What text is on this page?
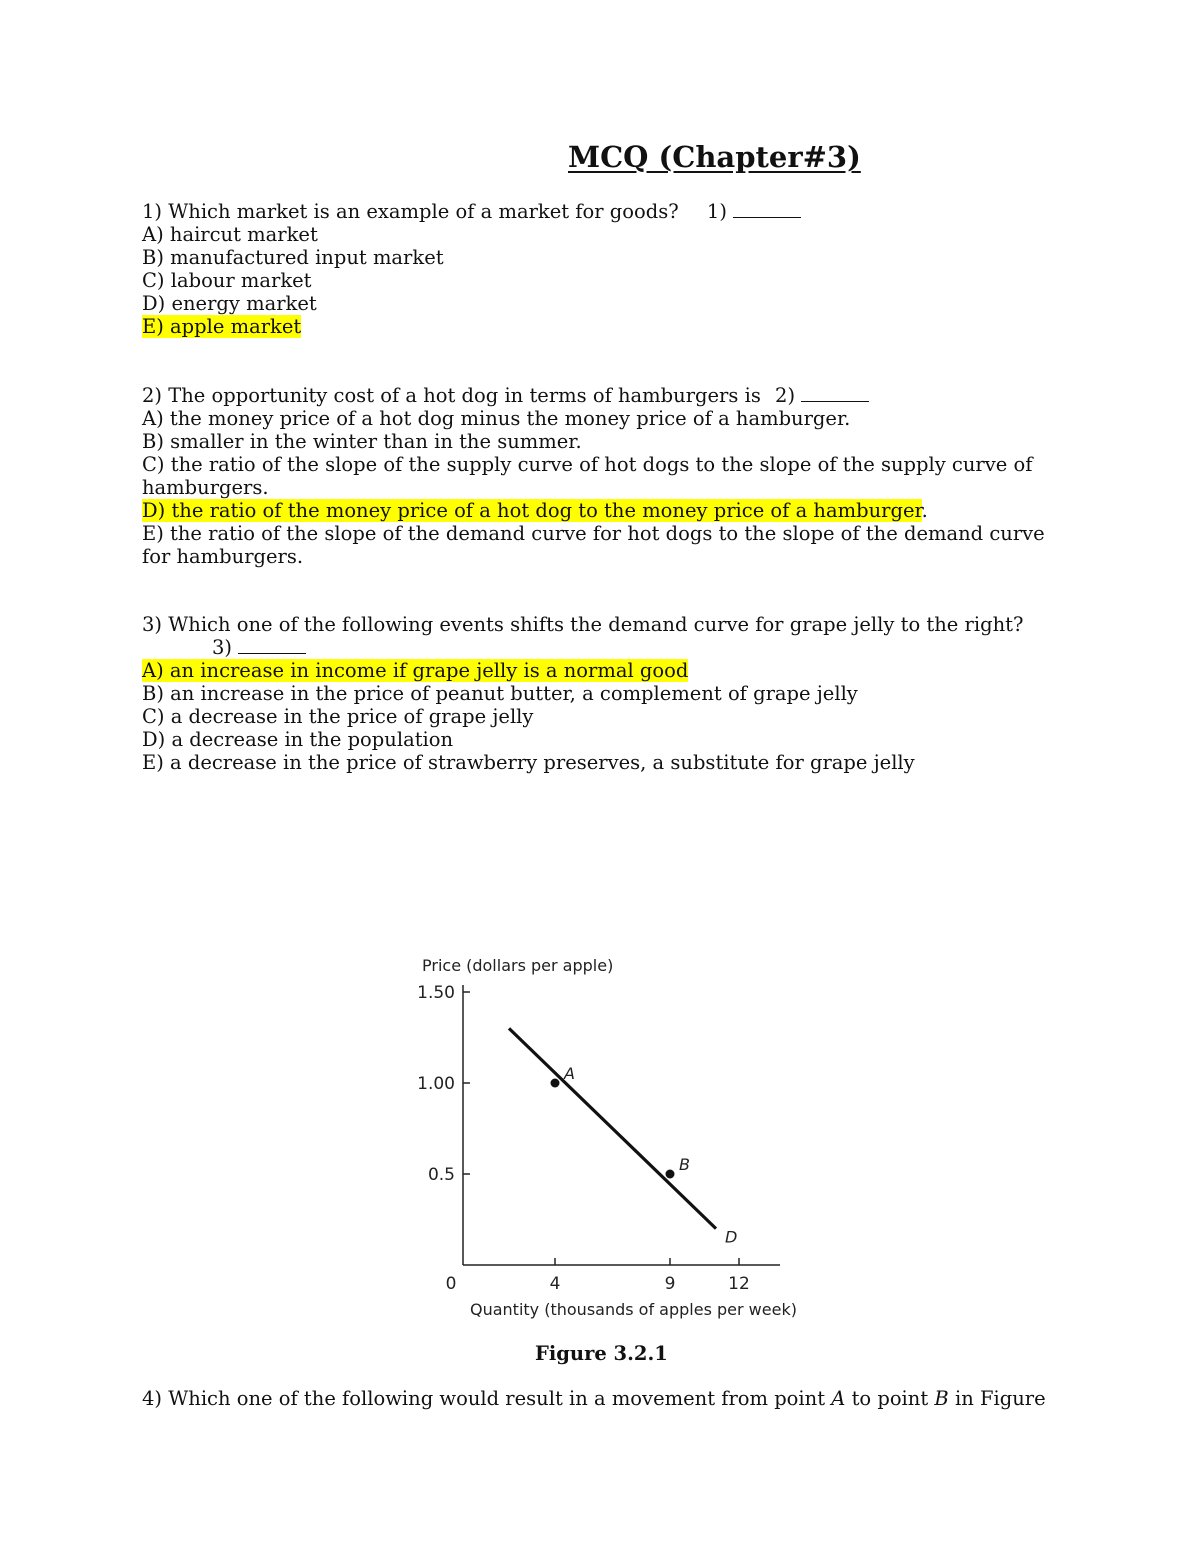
MCQ (Chapter#3)
1) Which market is an example of a market for goods? 1)
A) haircut market
B) manufactured input market
C) labour market
D) energy market
E) apple market
2) The opportunity cost of a hot dog in terms of hamburgers is 2)
A) the money price of a hot dog minus the money price of a hamburger.
B) smaller in the winter than in the summer.
C) the ratio of the slope of the supply curve of hot dogs to the slope of the supply curve of hamburgers.
D) the ratio of the money price of a hot dog to the money price of a hamburger.
E) the ratio of the slope of the demand curve for hot dogs to the slope of the demand curve for hamburgers.
3) Which one of the following events shifts the demand curve for grape jelly to the right?
3)
A) an increase in income if grape jelly is a normal good
B) an increase in the price of peanut butter, a complement of grape jelly
C) a decrease in the price of grape jelly
D) a decrease in the population
E) a decrease in the price of strawberry preserves, a substitute for grape jelly
Price (dollars per apple)
Quantity (thousands of apples per week)
0.5
1.00
1.50
0	4	9	12
A
B
D
Figure 3.2.1
4) Which one of the following would result in a movement from point A to point B in Figure
